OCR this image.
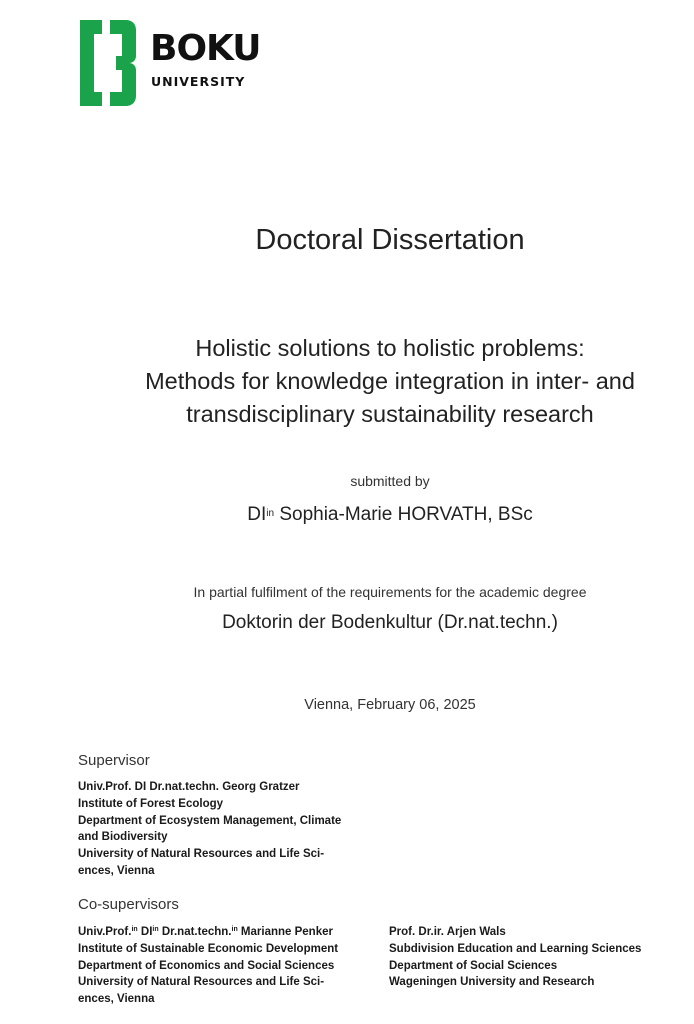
BOKU
UNIVERSITY
Doctoral Dissertation
Holistic solutions to holistic problems:
Methods for knowledge integration in inter- and
transdisciplinary sustainability research
submitted by
$DI^{in}$ Sophia-Marie HORVATH, BSc
In partial fulfilment of the requirements for the academic degree
Doktorin der Bodenkultur (Dr.nat.techn.)
Vienna, February 06, 2025
Supervisor
Univ.Prof. DI Dr.nat.techn. Georg Gratzer
Institute of Forest Ecology
Department of Ecosystem Management, Climate
and Biodiversity
University of Natural Resources and Life Sci-
ences, Vienna
Co-supervisors
Univ.Prof.$^{in}$ $DI^{in}$ Dr.nat.techn.$^{in}$ Marianne Penker
Institute of Sustainable Economic Development
Department of Economics and Social Sciences
University of Natural Resources and Life Sci-
ences, Vienna
Prof. Dr.ir. Arjen Wals
Subdivision Education and Learning Sciences
Department of Social Sciences
Wageningen University and Research
